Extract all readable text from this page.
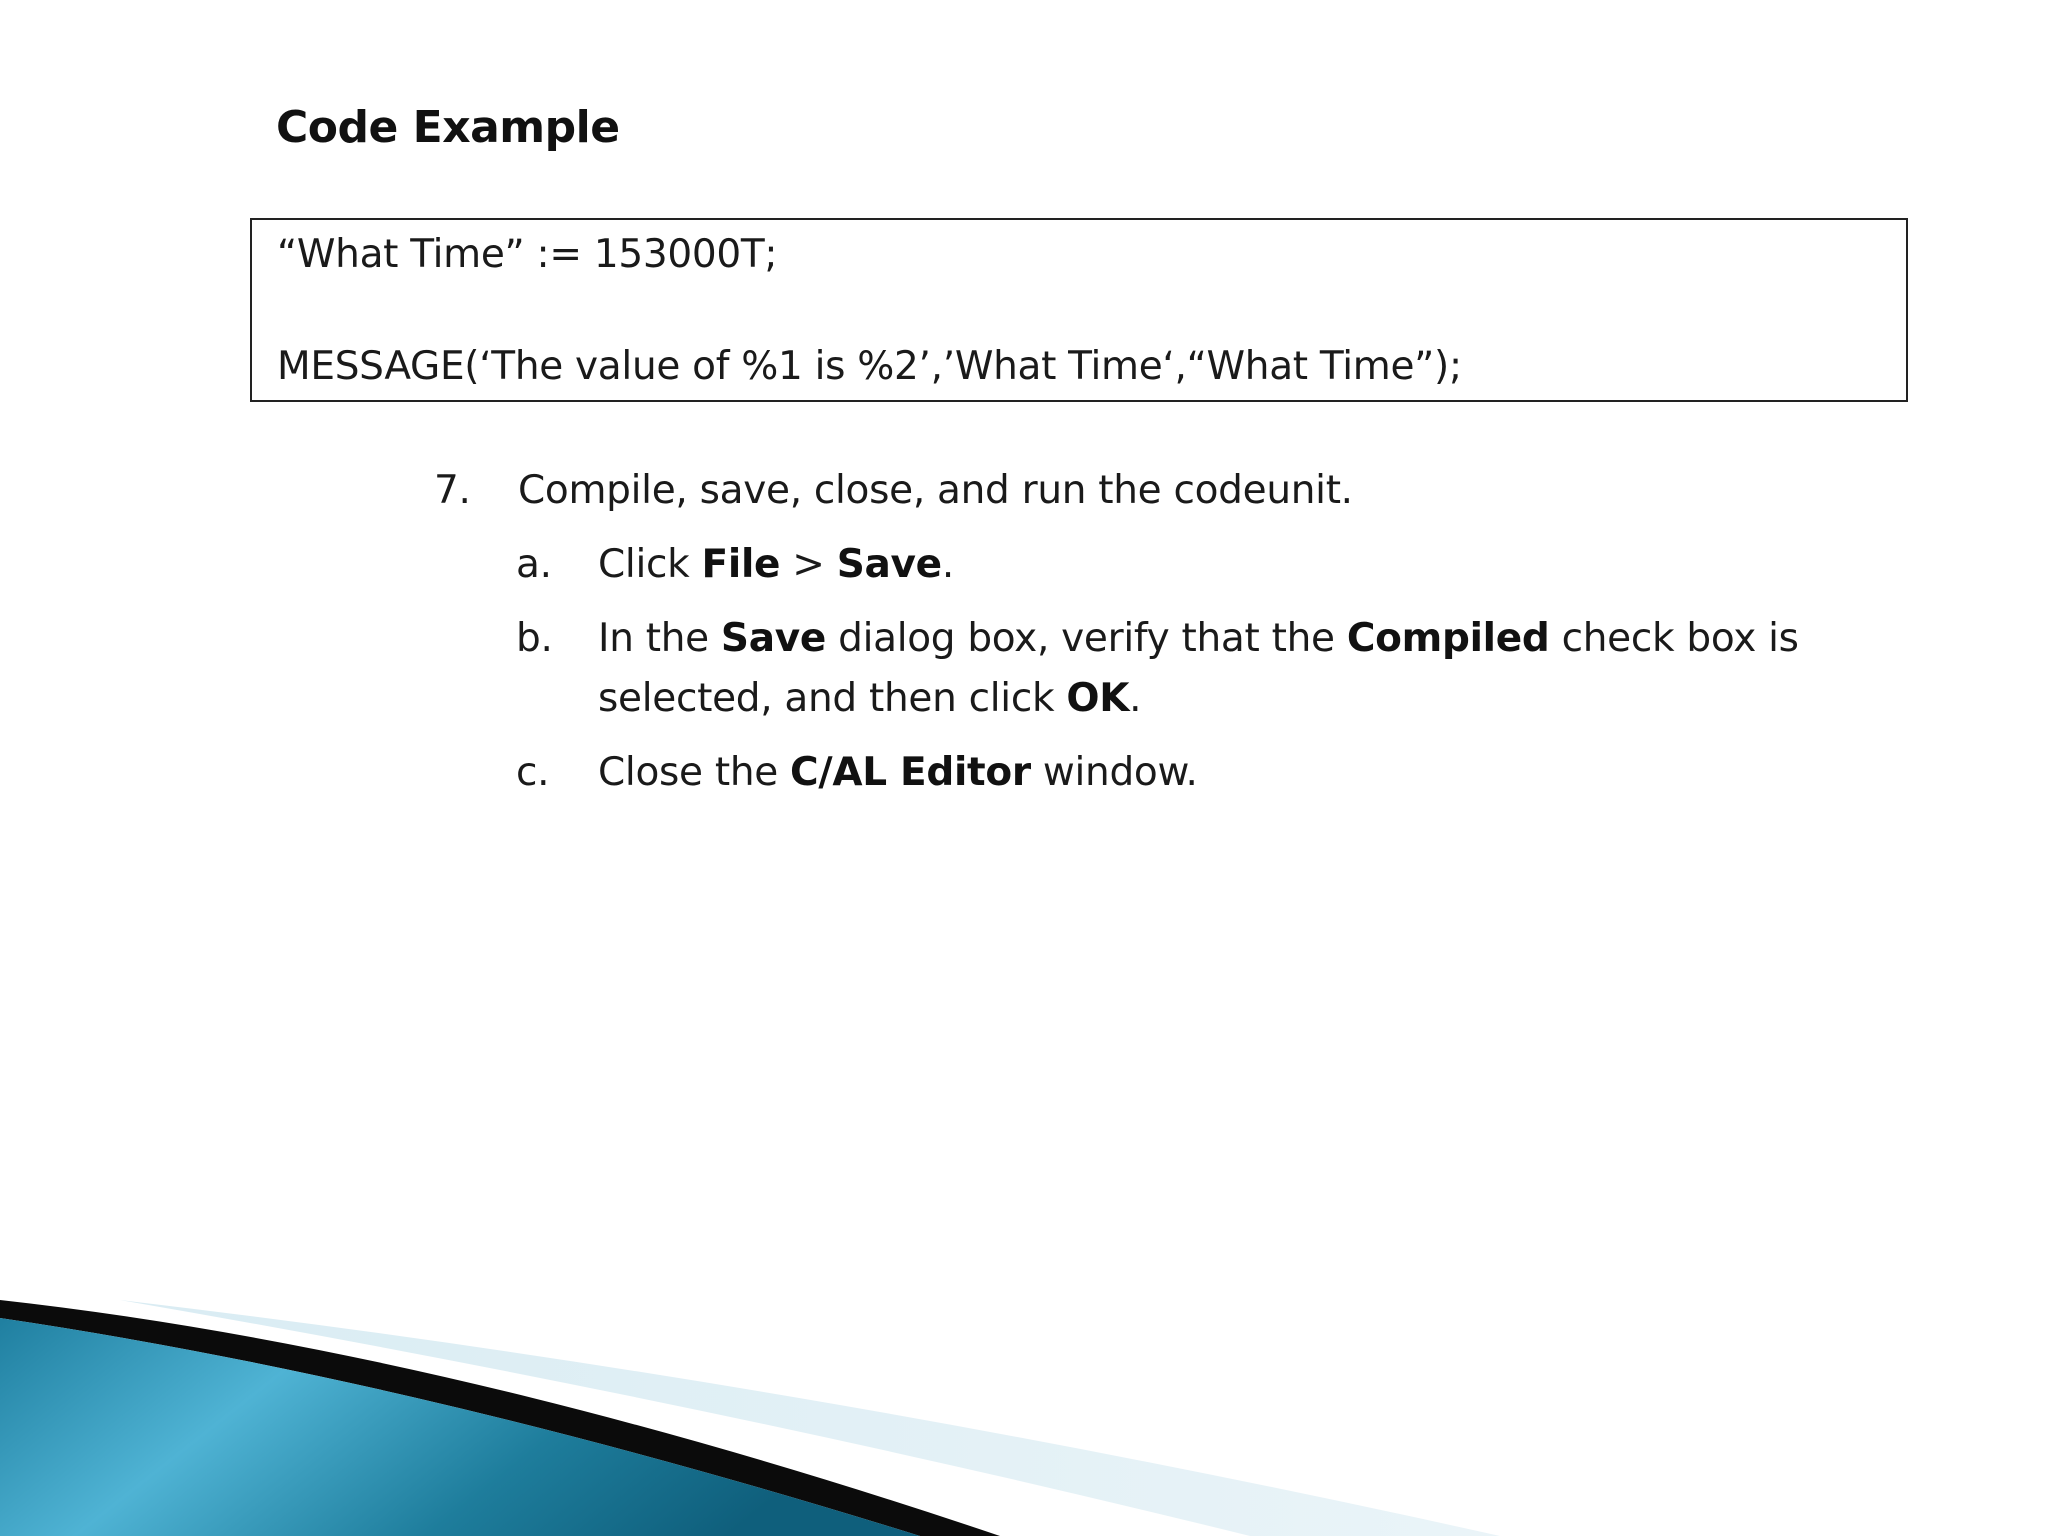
Code Example
“What Time” := 153000T;
MESSAGE(‘The value of %1 is %2’,’What Time‘,“What Time”);
7. Compile, save, close, and run the codeunit.
a. Click File > Save.
b. In the Save dialog box, verify that the Compiled check box is
selected, and then click OK.
c. Close the C/AL Editor window.
